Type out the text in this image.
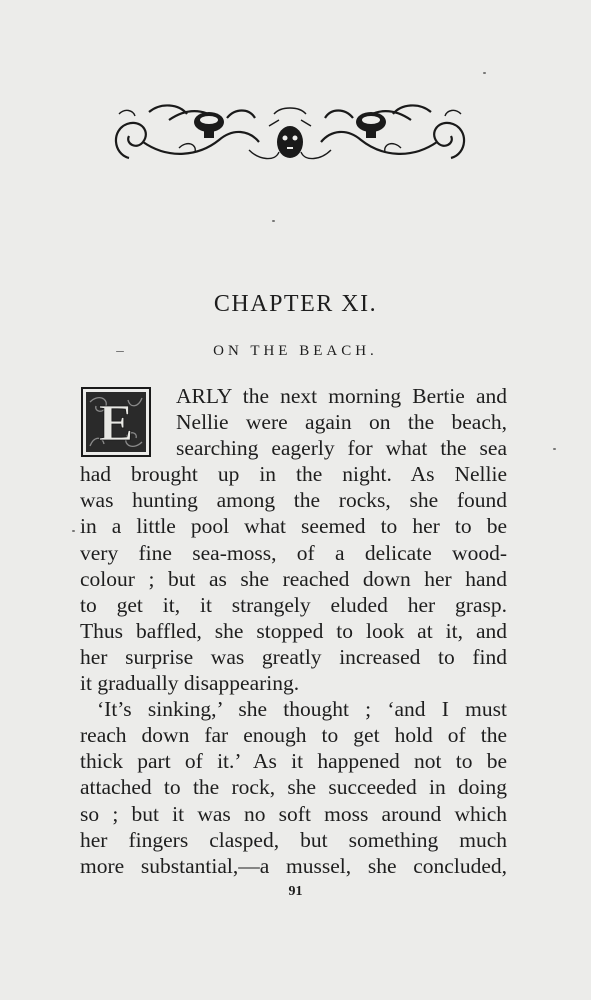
CHAPTER XI.
ON THE BEACH.
E	ARLY the next morning Bertie and
Nellie were again on the beach,
searching eagerly for what the sea
had brought up in the night. As Nellie
was hunting among the rocks, she found
in a little pool what seemed to her to be
very fine sea-moss, of a delicate wood-
colour ; but as she reached down her hand
to get it, it strangely eluded her grasp.
Thus baffled, she stopped to look at it, and
her surprise was greatly increased to find
it gradually disappearing.
‘It’s sinking,’ she thought ; ‘and I must
reach down far enough to get hold of the
thick part of it.’ As it happened not to be
attached to the rock, she succeeded in doing
so ; but it was no soft moss around which
her fingers clasped, but something much
more substantial,—a mussel, she concluded,
91
